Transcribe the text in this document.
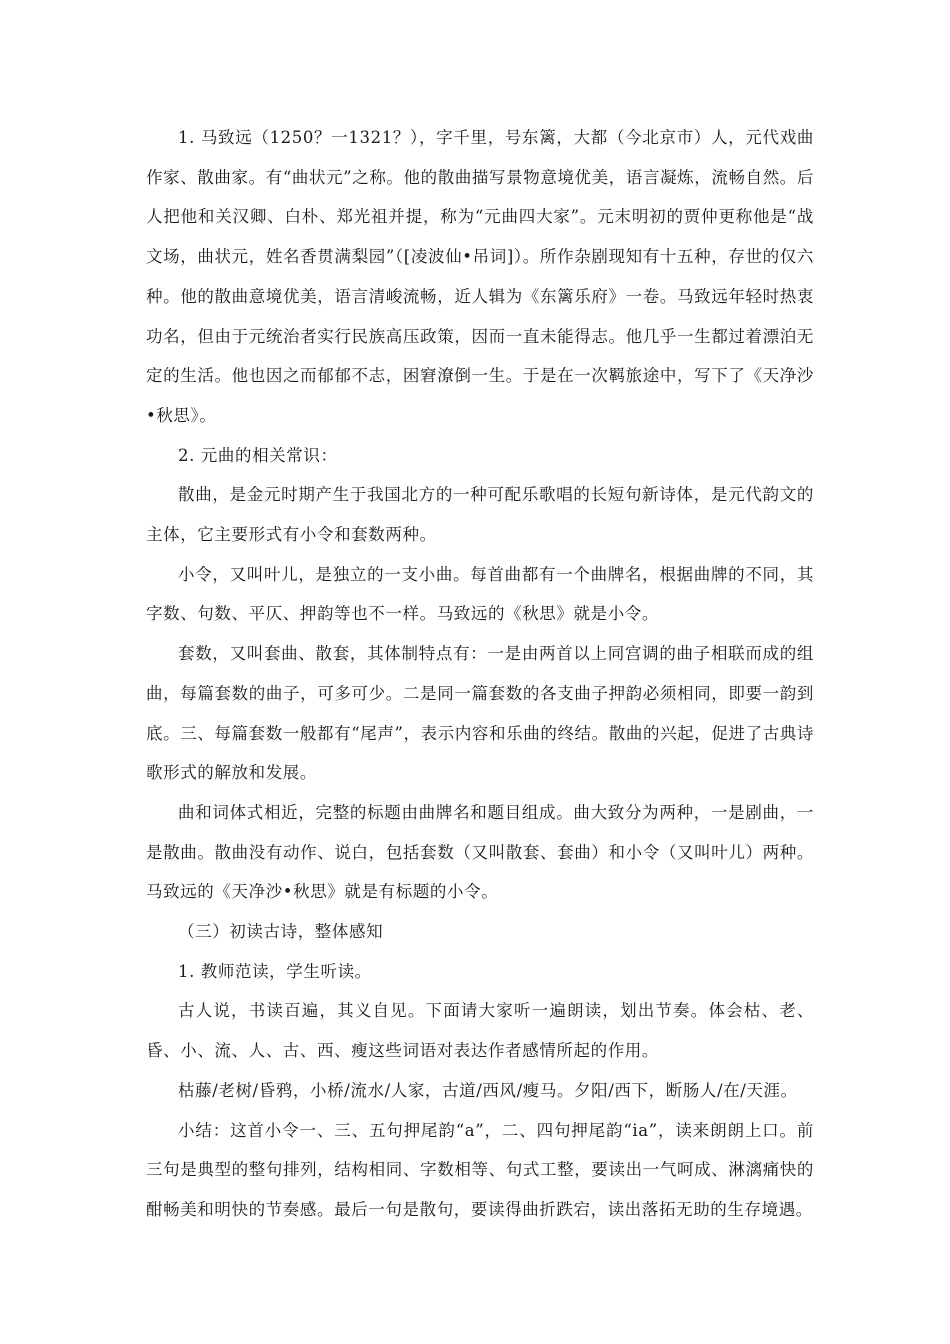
1. 马致远（1250？一1321？），字千里，号东篱，大都（今北京市）人，元代戏曲作家、散曲家。有“曲状元”之称。他的散曲描写景物意境优美，语言凝炼，流畅自然。后人把他和关汉卿、白朴、郑光祖并提，称为“元曲四大家”。元末明初的贾仲更称他是“战文场，曲状元，姓名香贯满梨园”（[凌波仙•吊词]）。所作杂剧现知有十五种，存世的仅六种。他的散曲意境优美，语言清峻流畅，近人辑为《东篱乐府》一卷。马致远年轻时热衷功名，但由于元统治者实行民族高压政策，因而一直未能得志。他几乎一生都过着漂泊无定的生活。他也因之而郁郁不志，困窘潦倒一生。于是在一次羁旅途中，写下了《天净沙•秋思》。

2. 元曲的相关常识：

散曲，是金元时期产生于我国北方的一种可配乐歌唱的长短句新诗体，是元代韵文的主体，它主要形式有小令和套数两种。

小令，又叫叶儿，是独立的一支小曲。每首曲都有一个曲牌名，根据曲牌的不同，其字数、句数、平仄、押韵等也不一样。马致远的《秋思》就是小令。

套数，又叫套曲、散套，其体制特点有：一是由两首以上同宫调的曲子相联而成的组曲，每篇套数的曲子，可多可少。二是同一篇套数的各支曲子押韵必须相同，即要一韵到底。三、每篇套数一般都有“尾声”，表示内容和乐曲的终结。散曲的兴起，促进了古典诗歌形式的解放和发展。

曲和词体式相近，完整的标题由曲牌名和题目组成。曲大致分为两种，一是剧曲，一是散曲。散曲没有动作、说白，包括套数（又叫散套、套曲）和小令（又叫叶儿）两种。马致远的《天净沙•秋思》就是有标题的小令。

（三）初读古诗，整体感知

1. 教师范读，学生听读。

古人说，书读百遍，其义自见。下面请大家听一遍朗读，划出节奏。体会枯、老、昏、小、流、人、古、西、瘦这些词语对表达作者感情所起的作用。

枯藤/老树/昏鸦，小桥/流水/人家，古道/西风/瘦马。夕阳/西下，断肠人/在/天涯。

小结：这首小令一、三、五句押尾韵“a”，二、四句押尾韵“ia”，读来朗朗上口。前三句是典型的整句排列，结构相同、字数相等、句式工整，要读出一气呵成、淋漓痛快的酣畅美和明快的节奏感。最后一句是散句，要读得曲折跌宕，读出落拓无助的生存境遇。
